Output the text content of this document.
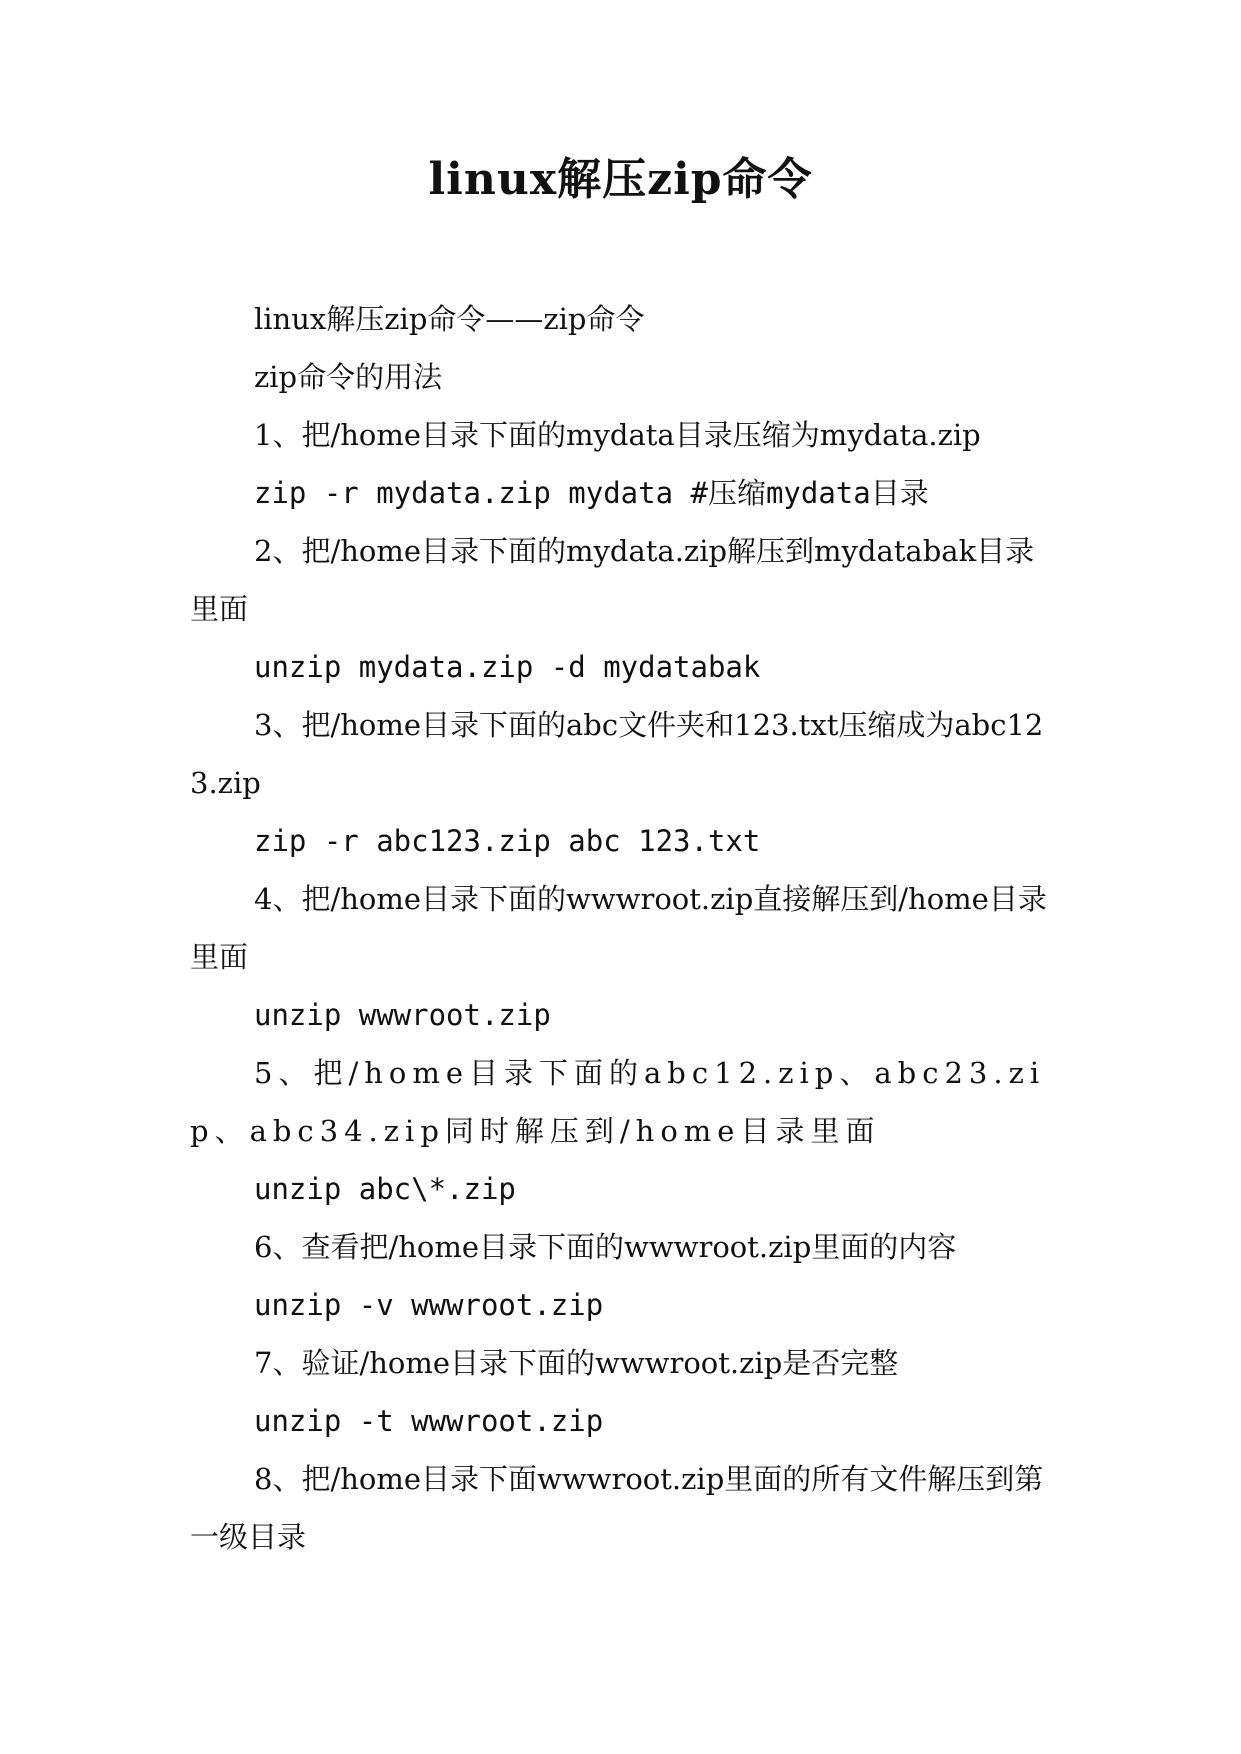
linux解压zip命令

linux解压zip命令——zip命令

zip命令的用法

1、把/home目录下面的mydata目录压缩为mydata.zip

zip -r mydata.zip mydata #压缩mydata目录

2、把/home目录下面的mydata.zip解压到mydatabak目录里面

unzip mydata.zip -d mydatabak

3、把/home目录下面的abc文件夹和123.txt压缩成为abc123.zip

zip -r abc123.zip abc 123.txt

4、把/home目录下面的wwwroot.zip直接解压到/home目录里面

unzip wwwroot.zip

5、把/home目录下面的abc12.zip、abc23.zip、abc34.zip同时解压到/home目录里面

unzip abc\*.zip

6、查看把/home目录下面的wwwroot.zip里面的内容

unzip -v wwwroot.zip

7、验证/home目录下面的wwwroot.zip是否完整

unzip -t wwwroot.zip

8、把/home目录下面wwwroot.zip里面的所有文件解压到第一级目录
